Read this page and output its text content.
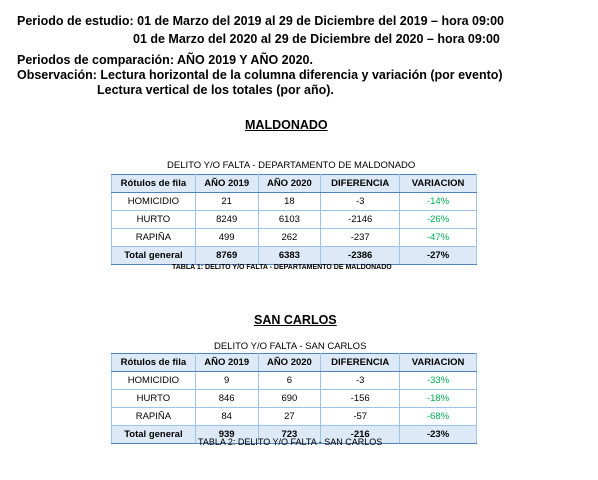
Periodo de estudio: 01 de Marzo del 2019 al 29 de Diciembre del 2019 – hora 09:00
01 de Marzo del 2020 al 29 de Diciembre del 2020 – hora 09:00
Periodos de comparación: AÑO 2019 Y AÑO 2020.
Observación: Lectura horizontal de la columna diferencia y variación (por evento)
Lectura vertical de los totales (por año).
MALDONADO
DELITO Y/O FALTA - DEPARTAMENTO DE MALDONADO
Rótulos de fila	AÑO 2019	AÑO 2020	DIFERENCIA	VARIACION
HOMICIDIO	21	18	-3	-14%
HURTO	8249	6103	-2146	-26%
RAPIÑA	499	262	-237	-47%
Total general	8769	6383	-2386	-27%
TABLA 1: DELITO Y/O FALTA - DEPARTAMENTO DE MALDONADO
SAN CARLOS
DELITO Y/O FALTA - SAN CARLOS
Rótulos de fila	AÑO 2019	AÑO 2020	DIFERENCIA	VARIACION
HOMICIDIO	9	6	-3	-33%
HURTO	846	690	-156	-18%
RAPIÑA	84	27	-57	-68%
Total general	939	723	-216	-23%
TABLA 2: DELITO Y/O FALTA - SAN CARLOS
